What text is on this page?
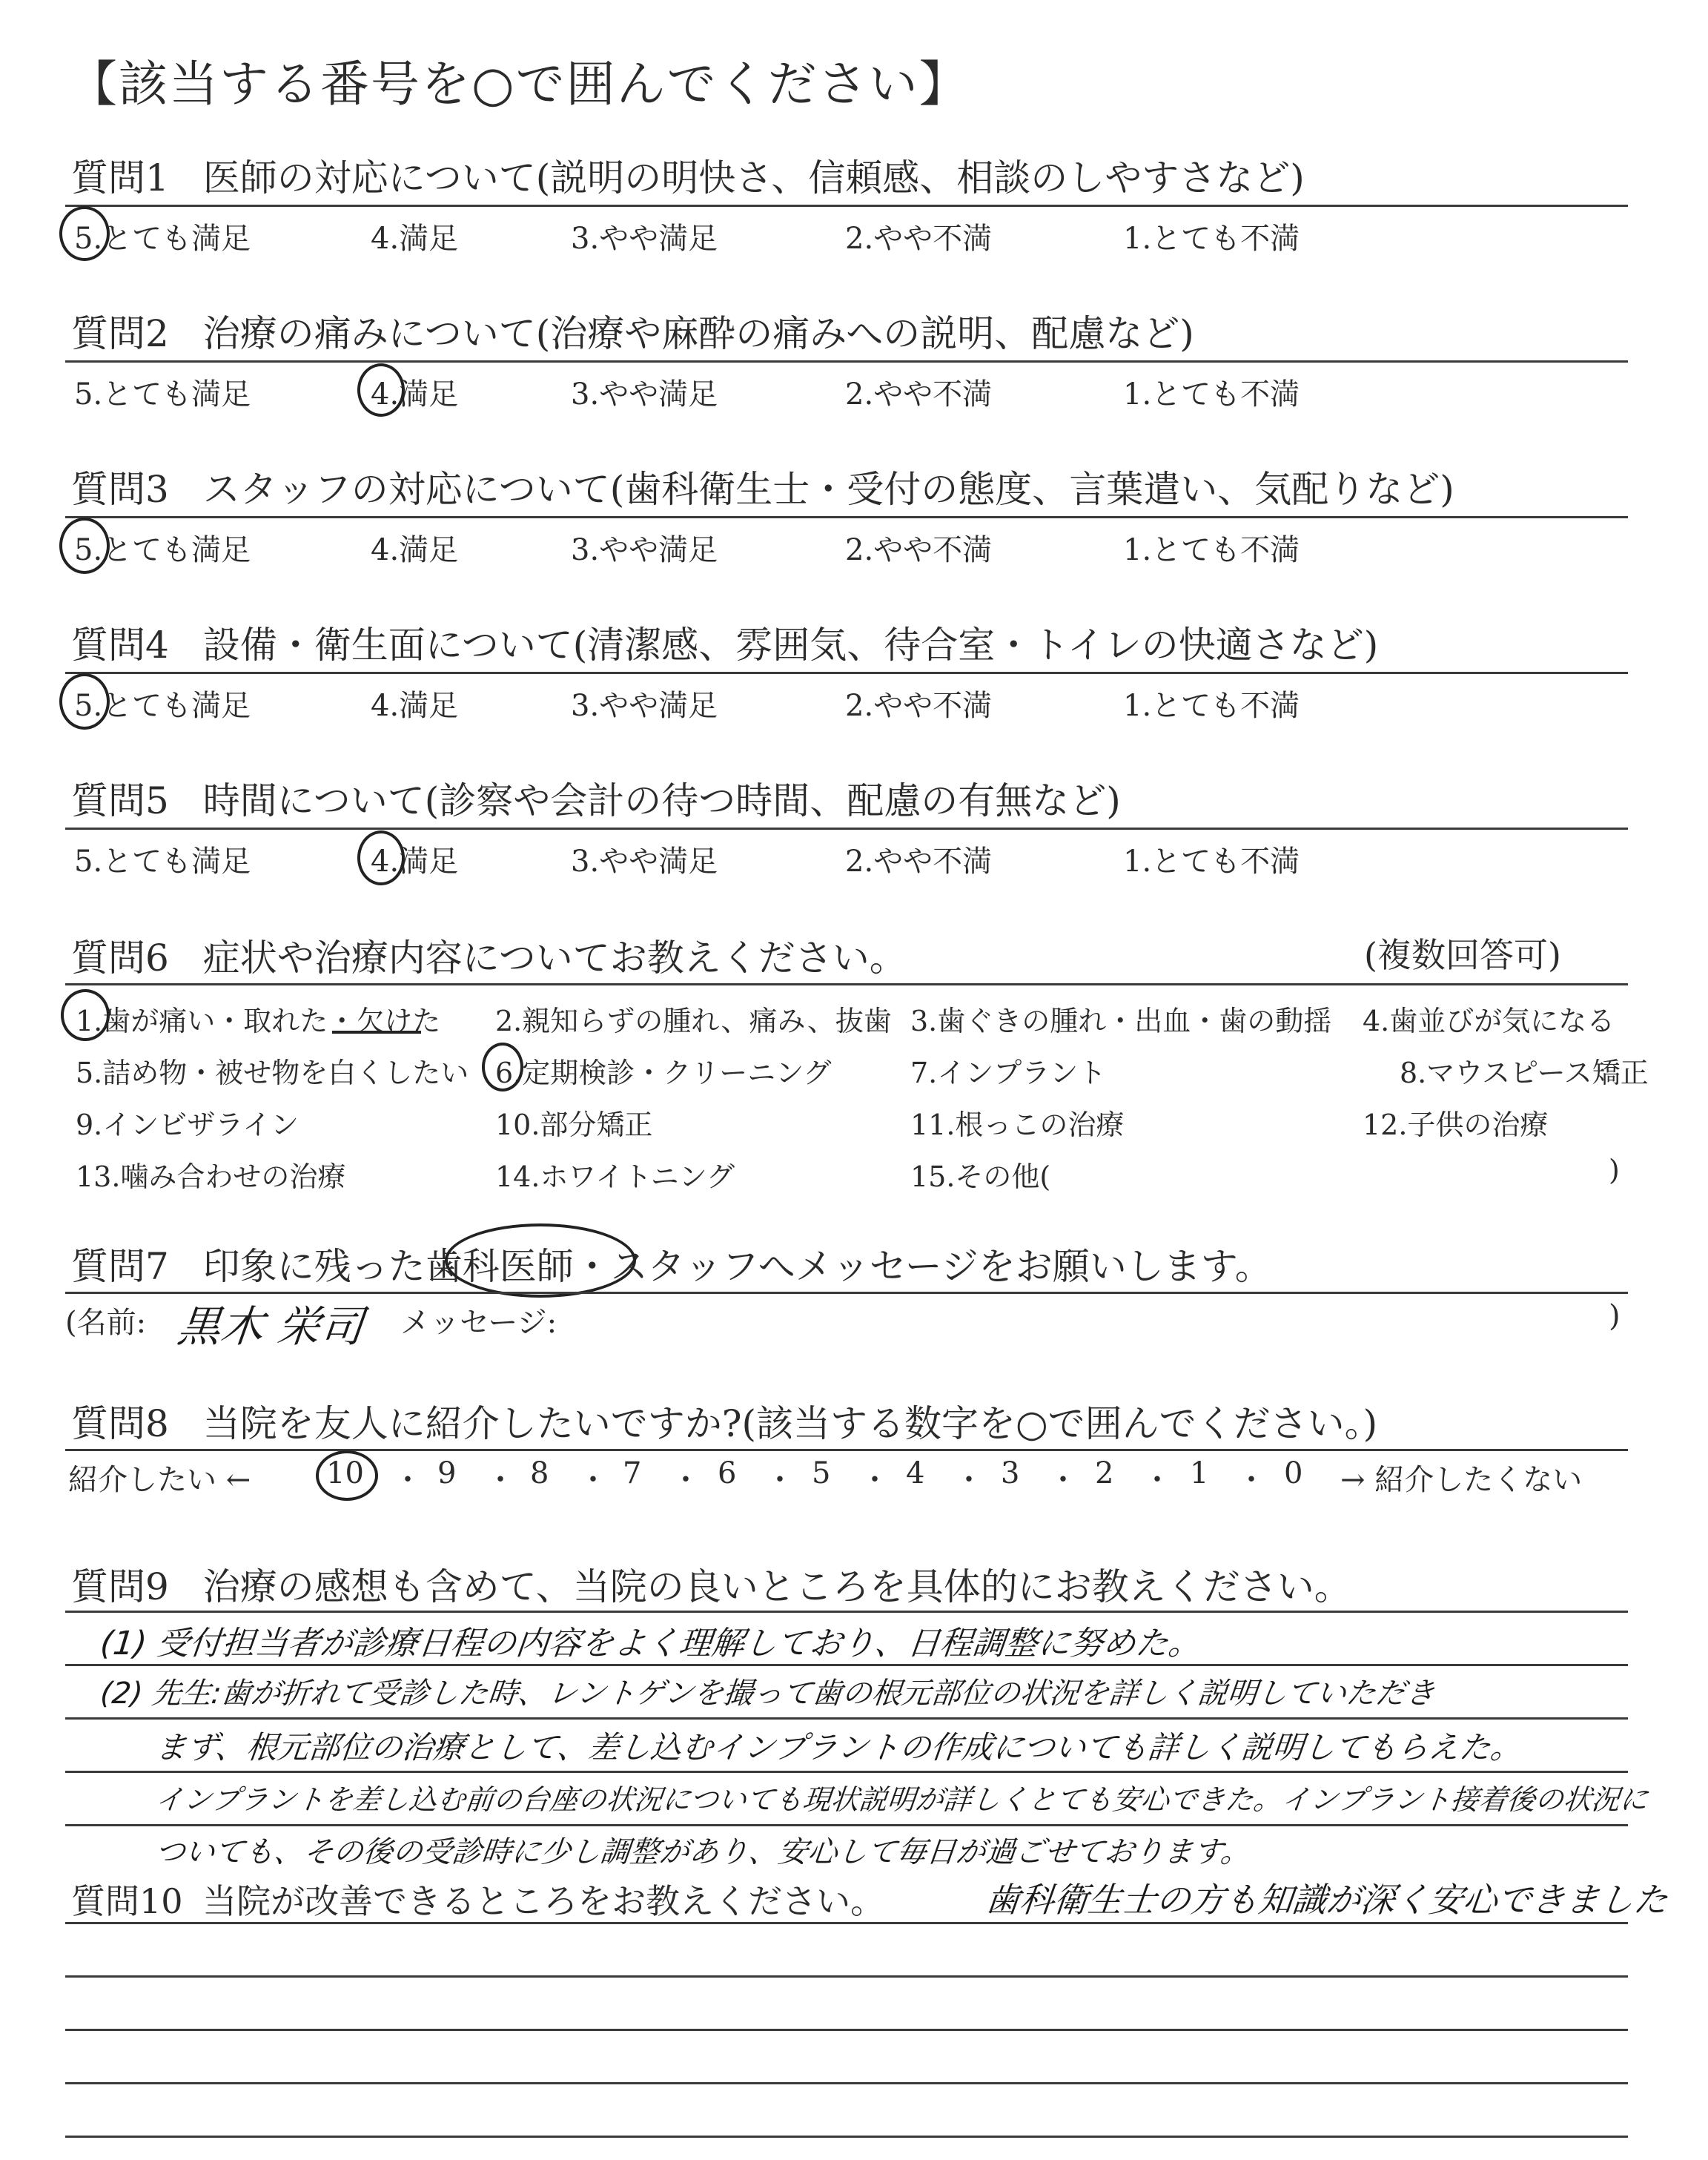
【該当する番号を○で囲んでください】
質問1 医師の対応について(説明の明快さ、信頼感、相談のしやすさなど)
5.とても満足	4.満足	3.やや満足	2.やや不満	1.とても不満
質問2 治療の痛みについて(治療や麻酔の痛みへの説明、配慮など)
5.とても満足	4.満足	3.やや満足	2.やや不満	1.とても不満
質問3 スタッフの対応について(歯科衛生士・受付の態度、言葉遣い、気配りなど)
5.とても満足	4.満足	3.やや満足	2.やや不満	1.とても不満
質問4 設備・衛生面について(清潔感、雰囲気、待合室・トイレの快適さなど)
5.とても満足	4.満足	3.やや満足	2.やや不満	1.とても不満
質問5 時間について(診察や会計の待つ時間、配慮の有無など)
5.とても満足	4.満足	3.やや満足	2.やや不満	1.とても不満
質問6 症状や治療内容についてお教えください。	(複数回答可)
1.歯が痛い・取れた・欠けた 2.親知らずの腫れ、痛み、抜歯 3.歯ぐきの腫れ・出血・歯の動揺 4.歯並びが気になる
5.詰め物・被せ物を白くしたい 6.定期検診・クリーニング	7.インプラント	8.マウスピース矯正
9.インビザライン	10.部分矯正	11.根っこの治療	12.子供の治療
13.噛み合わせの治療	14.ホワイトニング	15.その他(	)
質問7 印象に残った歯科医師・スタッフへメッセージをお願いします。
(名前: 黒木 栄司 メッセージ:	)
質問8 当院を友人に紹介したいですか?(該当する数字を○で囲んでください。)
紹介したい ←	10 ・ 9 ・ 8 ・ 7 ・ 6 ・ 5 ・ 4 ・ 3 ・ 2 ・ 1 ・ 0 → 紹介したくない
質問9 治療の感想も含めて、当院の良いところを具体的にお教えください。
(1) 受付担当者が診療日程の内容をよく理解しており、日程調整に努めた。
(2) 先生:歯が折れて受診した時、レントゲンを撮って歯の根元部位の状況を詳しく説明していただき
まず、根元部位の治療として、差し込むインプラントの作成についても詳しく説明してもらえた。
インプラントを差し込む前の台座の状況についても現状説明が詳しくとても安心できた。インプラント接着後の状況に
ついても、その後の受診時に少し調整があり、安心して毎日が過ごせております。
質問10 当院が改善できるところをお教えください。	歯科衛生士の方も知識が深く安心できました
